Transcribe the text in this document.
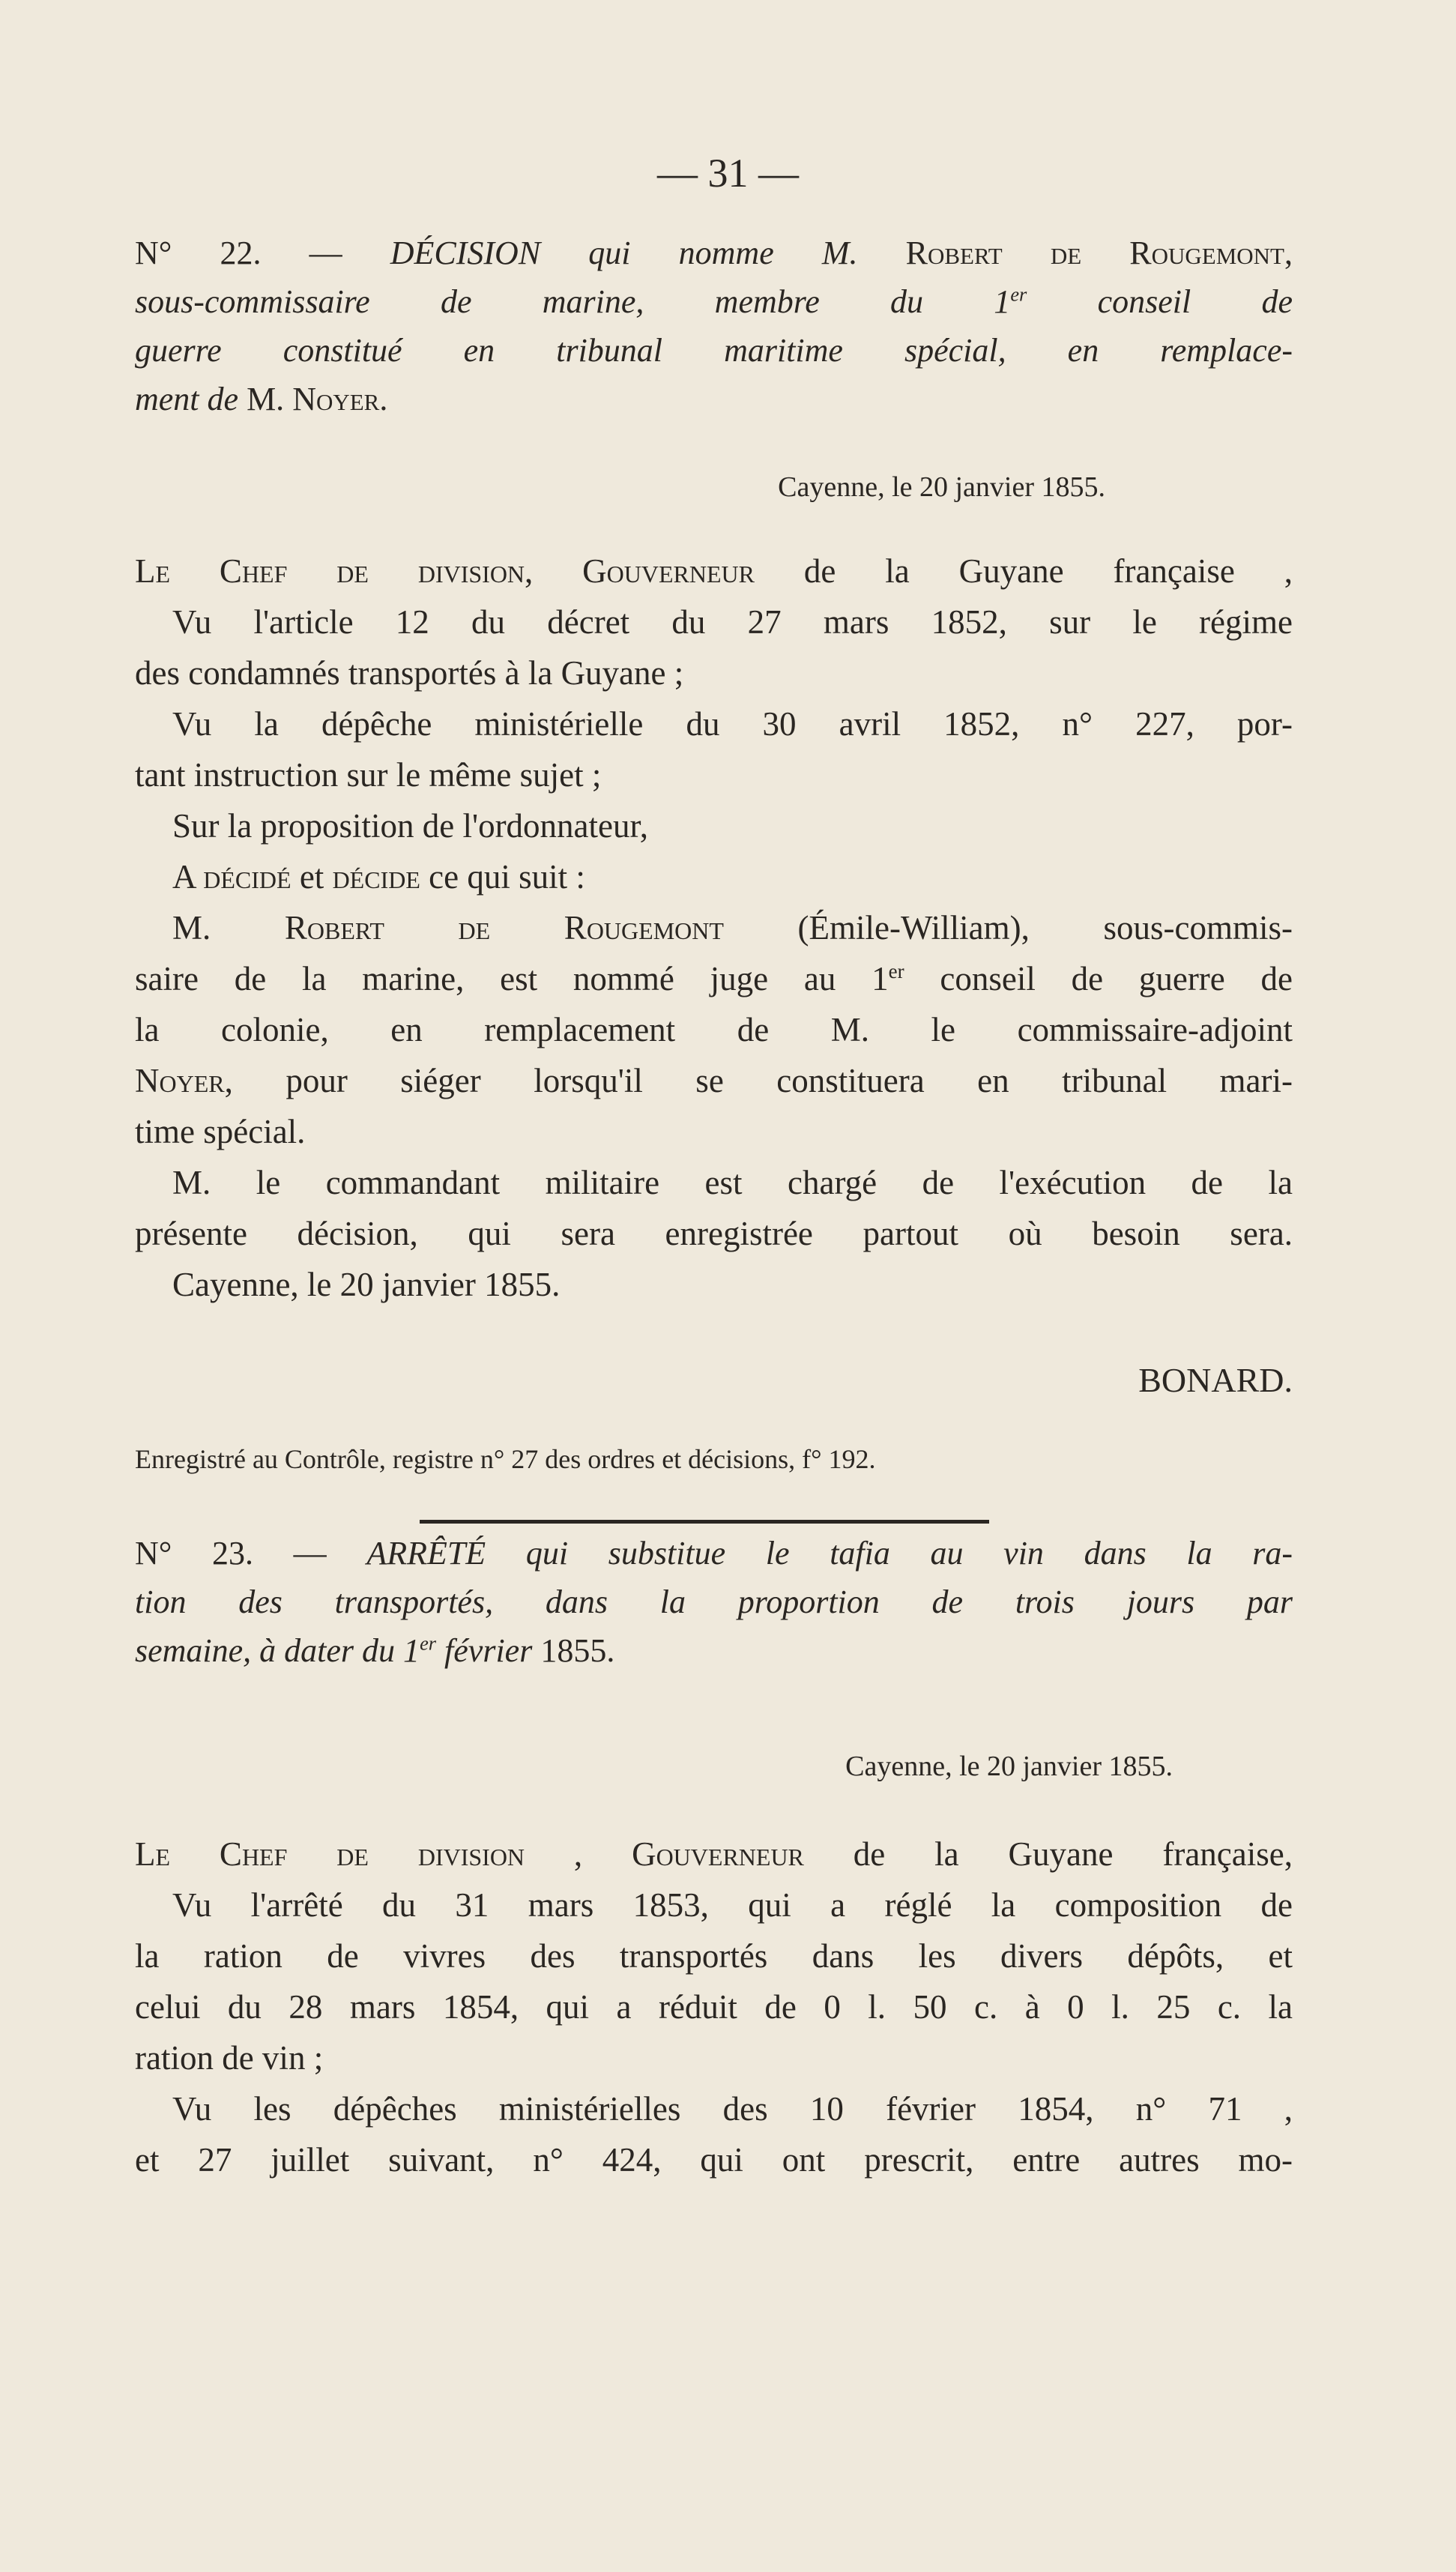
— 31 —
N° 22. — DÉCISION qui nomme M. Robert de Rougemont,
sous-commissaire de marine, membre du 1er conseil de
guerre constitué en tribunal maritime spécial, en remplace-
ment de M. Noyer.
Cayenne, le 20 janvier 1855.
Le Chef de division, Gouverneur de la Guyane française ,
Vu l'article 12 du décret du 27 mars 1852, sur le régime
des condamnés transportés à la Guyane ;
Vu la dépêche ministérielle du 30 avril 1852, n° 227, por-
tant instruction sur le même sujet ;
Sur la proposition de l'ordonnateur,
A décidé et décide ce qui suit :
M. Robert de Rougemont (Émile-William), sous-commis-
saire de la marine, est nommé juge au 1er conseil de guerre de
la colonie, en remplacement de M. le commissaire-adjoint
Noyer, pour siéger lorsqu'il se constituera en tribunal mari-
time spécial.
M. le commandant militaire est chargé de l'exécution de la
présente décision, qui sera enregistrée partout où besoin sera.
Cayenne, le 20 janvier 1855.
BONARD.
Enregistré au Contrôle, registre n° 27 des ordres et décisions, f° 192.
N° 23. — ARRÊTÉ qui substitue le tafia au vin dans la ra-
tion des transportés, dans la proportion de trois jours par
semaine, à dater du 1er février 1855.
Cayenne, le 20 janvier 1855.
Le Chef de division , Gouverneur de la Guyane française,
Vu l'arrêté du 31 mars 1853, qui a réglé la composition de
la ration de vivres des transportés dans les divers dépôts, et
celui du 28 mars 1854, qui a réduit de 0 l. 50 c. à 0 l. 25 c. la
ration de vin ;
Vu les dépêches ministérielles des 10 février 1854, n° 71 ,
et 27 juillet suivant, n° 424, qui ont prescrit, entre autres mo-
